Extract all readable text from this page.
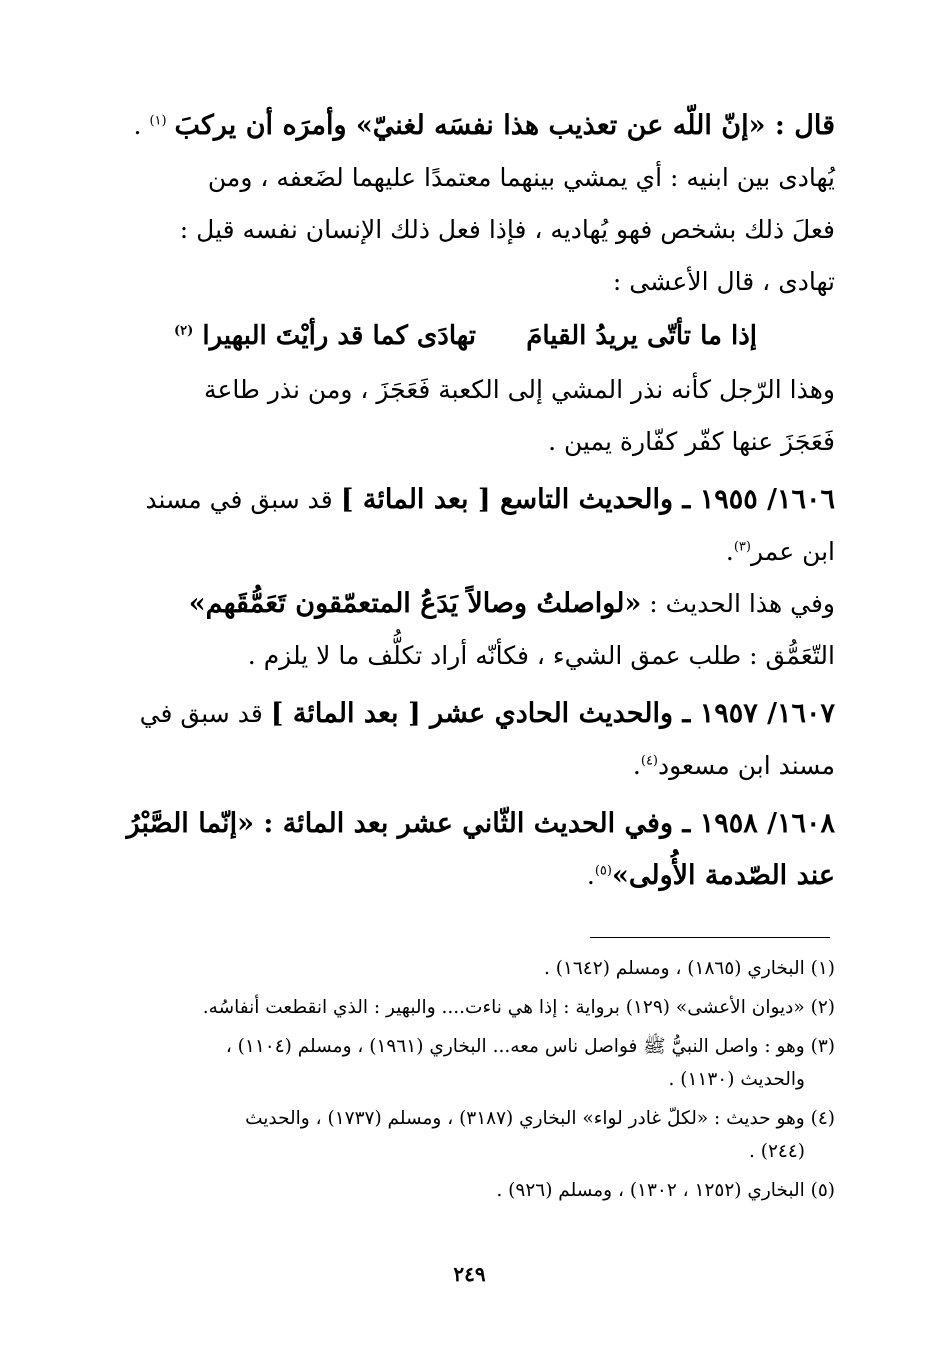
قال : «إنّ اللّه عن تعذيب هذا نفسَه لغنيّ» وأمرَه أن يركبَ $^{(١)}$ .

يُهادى بين ابنيه : أي يمشي بينهما معتمدًا عليهما لضَعفه ، ومن
فعلَ ذلك بشخص فهو يُهاديه ، فإذا فعل ذلك الإنسان نفسه قيل :
تهادى ، قال الأعشى :

إذا ما تأتّى يريدُ القيامَ
تهادَى كما قد رأيْتَ البهيرا $^{(٢)}$

وهذا الرّجل كأنه نذر المشي إلى الكعبة فَعَجَزَ ، ومن نذر طاعة
فَعَجَزَ عنها كفّر كفّارة يمين .

١٦٠٦/ ١٩٥٥ ـ والحديث التاسع [ بعد المائة ] قد سبق في مسند
ابن عمر$^{(٣)}$.

وفي هذا الحديث : «لواصلتُ وصالاً يَدَعُ المتعمّقون تَعَمُّقَهم»
التّعَمُّق : طلب عمق الشيء ، فكأنّه أراد تكلُّف ما لا يلزم .

١٦٠٧/ ١٩٥٧ ـ والحديث الحادي عشر [ بعد المائة ] قد سبق في
مسند ابن مسعود$^{(٤)}$.

١٦٠٨/ ١٩٥٨ ـ وفي الحديث الثّاني عشر بعد المائة : «إنّما الصَّبْرُ
عند الصّدمة الأُولى»$^{(٥)}$.

(١) البخاري (١٨٦٥) ، ومسلم (١٦٤٢) .

(٢) «ديوان الأعشى» (١٢٩) برواية : إذا هي ناءت.... والبهير : الذي انقطعت أنفاسُه.

(٣) وهو : واصل النبيُّ ﷺ فواصل ناس معه... البخاري (١٩٦١) ، ومسلم (١١٠٤) ،
والحديث (١١٣٠) .

(٤) وهو حديث : «لكلّ غادر لواء» البخاري (٣١٨٧) ، ومسلم (١٧٣٧) ، والحديث
(٢٤٤) .

(٥) البخاري (١٢٥٢ ، ١٣٠٢) ، ومسلم (٩٢٦) .

٢٤٩
